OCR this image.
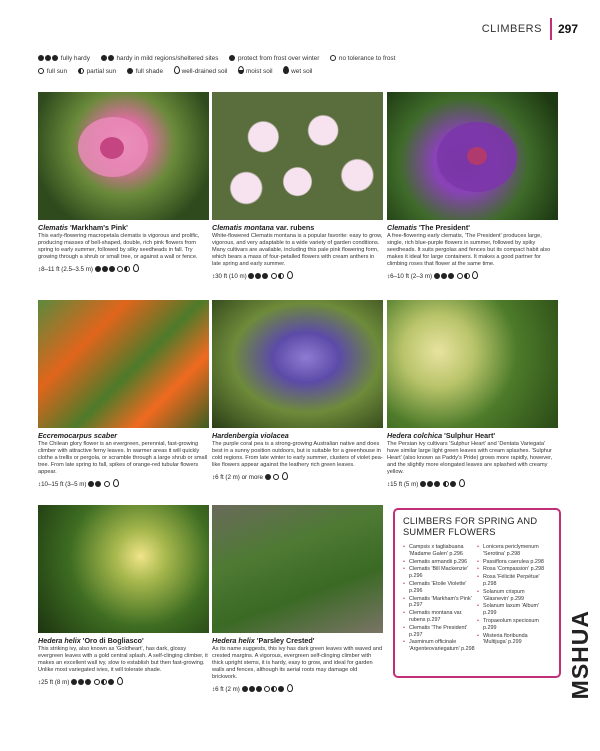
CLIMBERS 297
fully hardy	hardy in mild regions/sheltered sites	protect from frost over winter	no tolerance to frost
full sun	partial sun	full shade	well-drained soil	moist soil	wet soil
Clematis 'Markham's Pink'
This early-flowering macropetala clematis is vigorous and prolific, producing masses of bell-shaped, double, rich pink flowers from spring to early summer, followed by silky seedheads in fall. Try growing through a shrub or small tree, or against a wall or fence.
↕8–11 ft (2.5–3.5 m)
Clematis montana var. rubens
White-flowered Clematis montana is a popular favorite: easy to grow, vigorous, and very adaptable to a wide variety of garden conditions. Many cultivars are available, including this pale pink flowering form, which bears a mass of four-petalled flowers with cream anthers in late spring and early summer.
↕30 ft (10 m)
Clematis 'The President'
A free-flowering early clematis, 'The President' produces large, single, rich blue-purple flowers in summer, followed by spiky seedheads. It suits pergolas and fences but its compact habit also makes it ideal for large containers. It makes a good partner for climbing roses that flower at the same time.
↕6–10 ft (2–3 m)
Eccremocarpus scaber
The Chilean glory flower is an evergreen, perennial, fast-growing climber with attractive ferny leaves. In warmer areas it will quickly clothe a trellis or pergola, or scramble through a large shrub or small tree. From late spring to fall, spikes of orange-red tubular flowers appear.
↕10–15 ft (3–5 m)
Hardenbergia violacea
The purple coral pea is a strong-growing Australian native and does best in a sunny position outdoors, but is suitable for a greenhouse in cold regions. From late winter to early summer, clusters of violet pea-like flowers appear against the leathery rich green leaves.
↕6 ft (2 m) or more
Hedera colchica 'Sulphur Heart'
The Persian ivy cultivars 'Sulphur Heart' and 'Dentata Variegata' have similar large light green leaves with cream splashes. 'Sulphur Heart' (also known as Paddy's Pride) grows more rapidly, however, and the slightly more elongated leaves are splashed with creamy yellow.
↕15 ft (5 m)
Hedera helix 'Oro di Bogliasco'
This striking ivy, also known as 'Goldheart', has dark, glossy evergreen leaves with a gold central splash. A self-clinging climber, it makes an excellent wall ivy, slow to establish but then fast-growing. Unlike most variegated ivies, it will tolerate shade.
↕25 ft (8 m)
Hedera helix 'Parsley Crested'
As its name suggests, this ivy has dark green leaves with waved and crested margins. A vigorous, evergreen self-clinging climber with thick upright stems, it is hardy, easy to grow, and ideal for garden walls and fences, although its aerial roots may damage old brickwork.
↕6 ft (2 m)
CLIMBERS FOR SPRING AND SUMMER FLOWERS
• Campsis x tagliabuana 'Madame Galen' p.296
• Clematis armandii p.296
• Clematis 'Bill Mackenzie' p.296
• Clematis 'Etoile Violette' p.296
• Clematis 'Markham's Pink' p.297
• Clematis montana var. rubens p.297
• Clematis 'The President' p.297
• Jasminum officinale 'Argenteovariegatum' p.298
• Lonicera periclymenum 'Serotina' p.298
• Passiflora caerulea p.298
• Rosa 'Compassion' p.298
• Rosa 'Félicité Perpétue' p.298
• Solanum crispum 'Glasnevin' p.299
• Solanum laxum 'Album' p.299
• Tropaeolum speciosum p.299
• Wisteria floribunda 'Multijuga' p.299	MSHUA
